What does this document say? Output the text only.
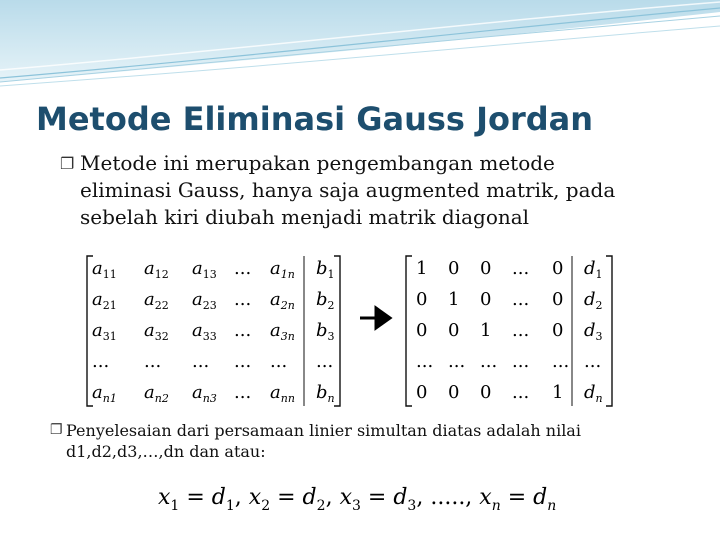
Metode Eliminasi Gauss Jordan
❐ Metode ini merupakan pengembangan metode
eliminasi Gauss, hanya saja augmented matrik, pada
sebelah kiri diubah menjadi matrik diagonal
$a_{11}$ $a_{12}$ $a_{13}$ ... $a_{1n}$ $b_1$
$a_{21}$ $a_{22}$ $a_{23}$ ... $a_{2n}$ $b_2$
$a_{31}$ $a_{32}$ $a_{33}$ ... $a_{3n}$ $b_3$
... ... ... ... ... ...
$a_{n1}$ $a_{n2}$ $a_{n3}$ ... $a_{nn}$ $b_n$
1 0 0 ... 0 $d_1$
0 1 0 ... 0 $d_2$
0 0 1 ... 0 $d_3$
... ... ... ... ... ...
0 0 0 ... 1 $d_n$
❐ Penyelesaian dari persamaan linier simultan diatas adalah nilai
d1,d2,d3,…,dn dan atau:
$x_1 = d_1$, $x_2 = d_2$, $x_3 = d_3$, ....., $x_n = d_n$
